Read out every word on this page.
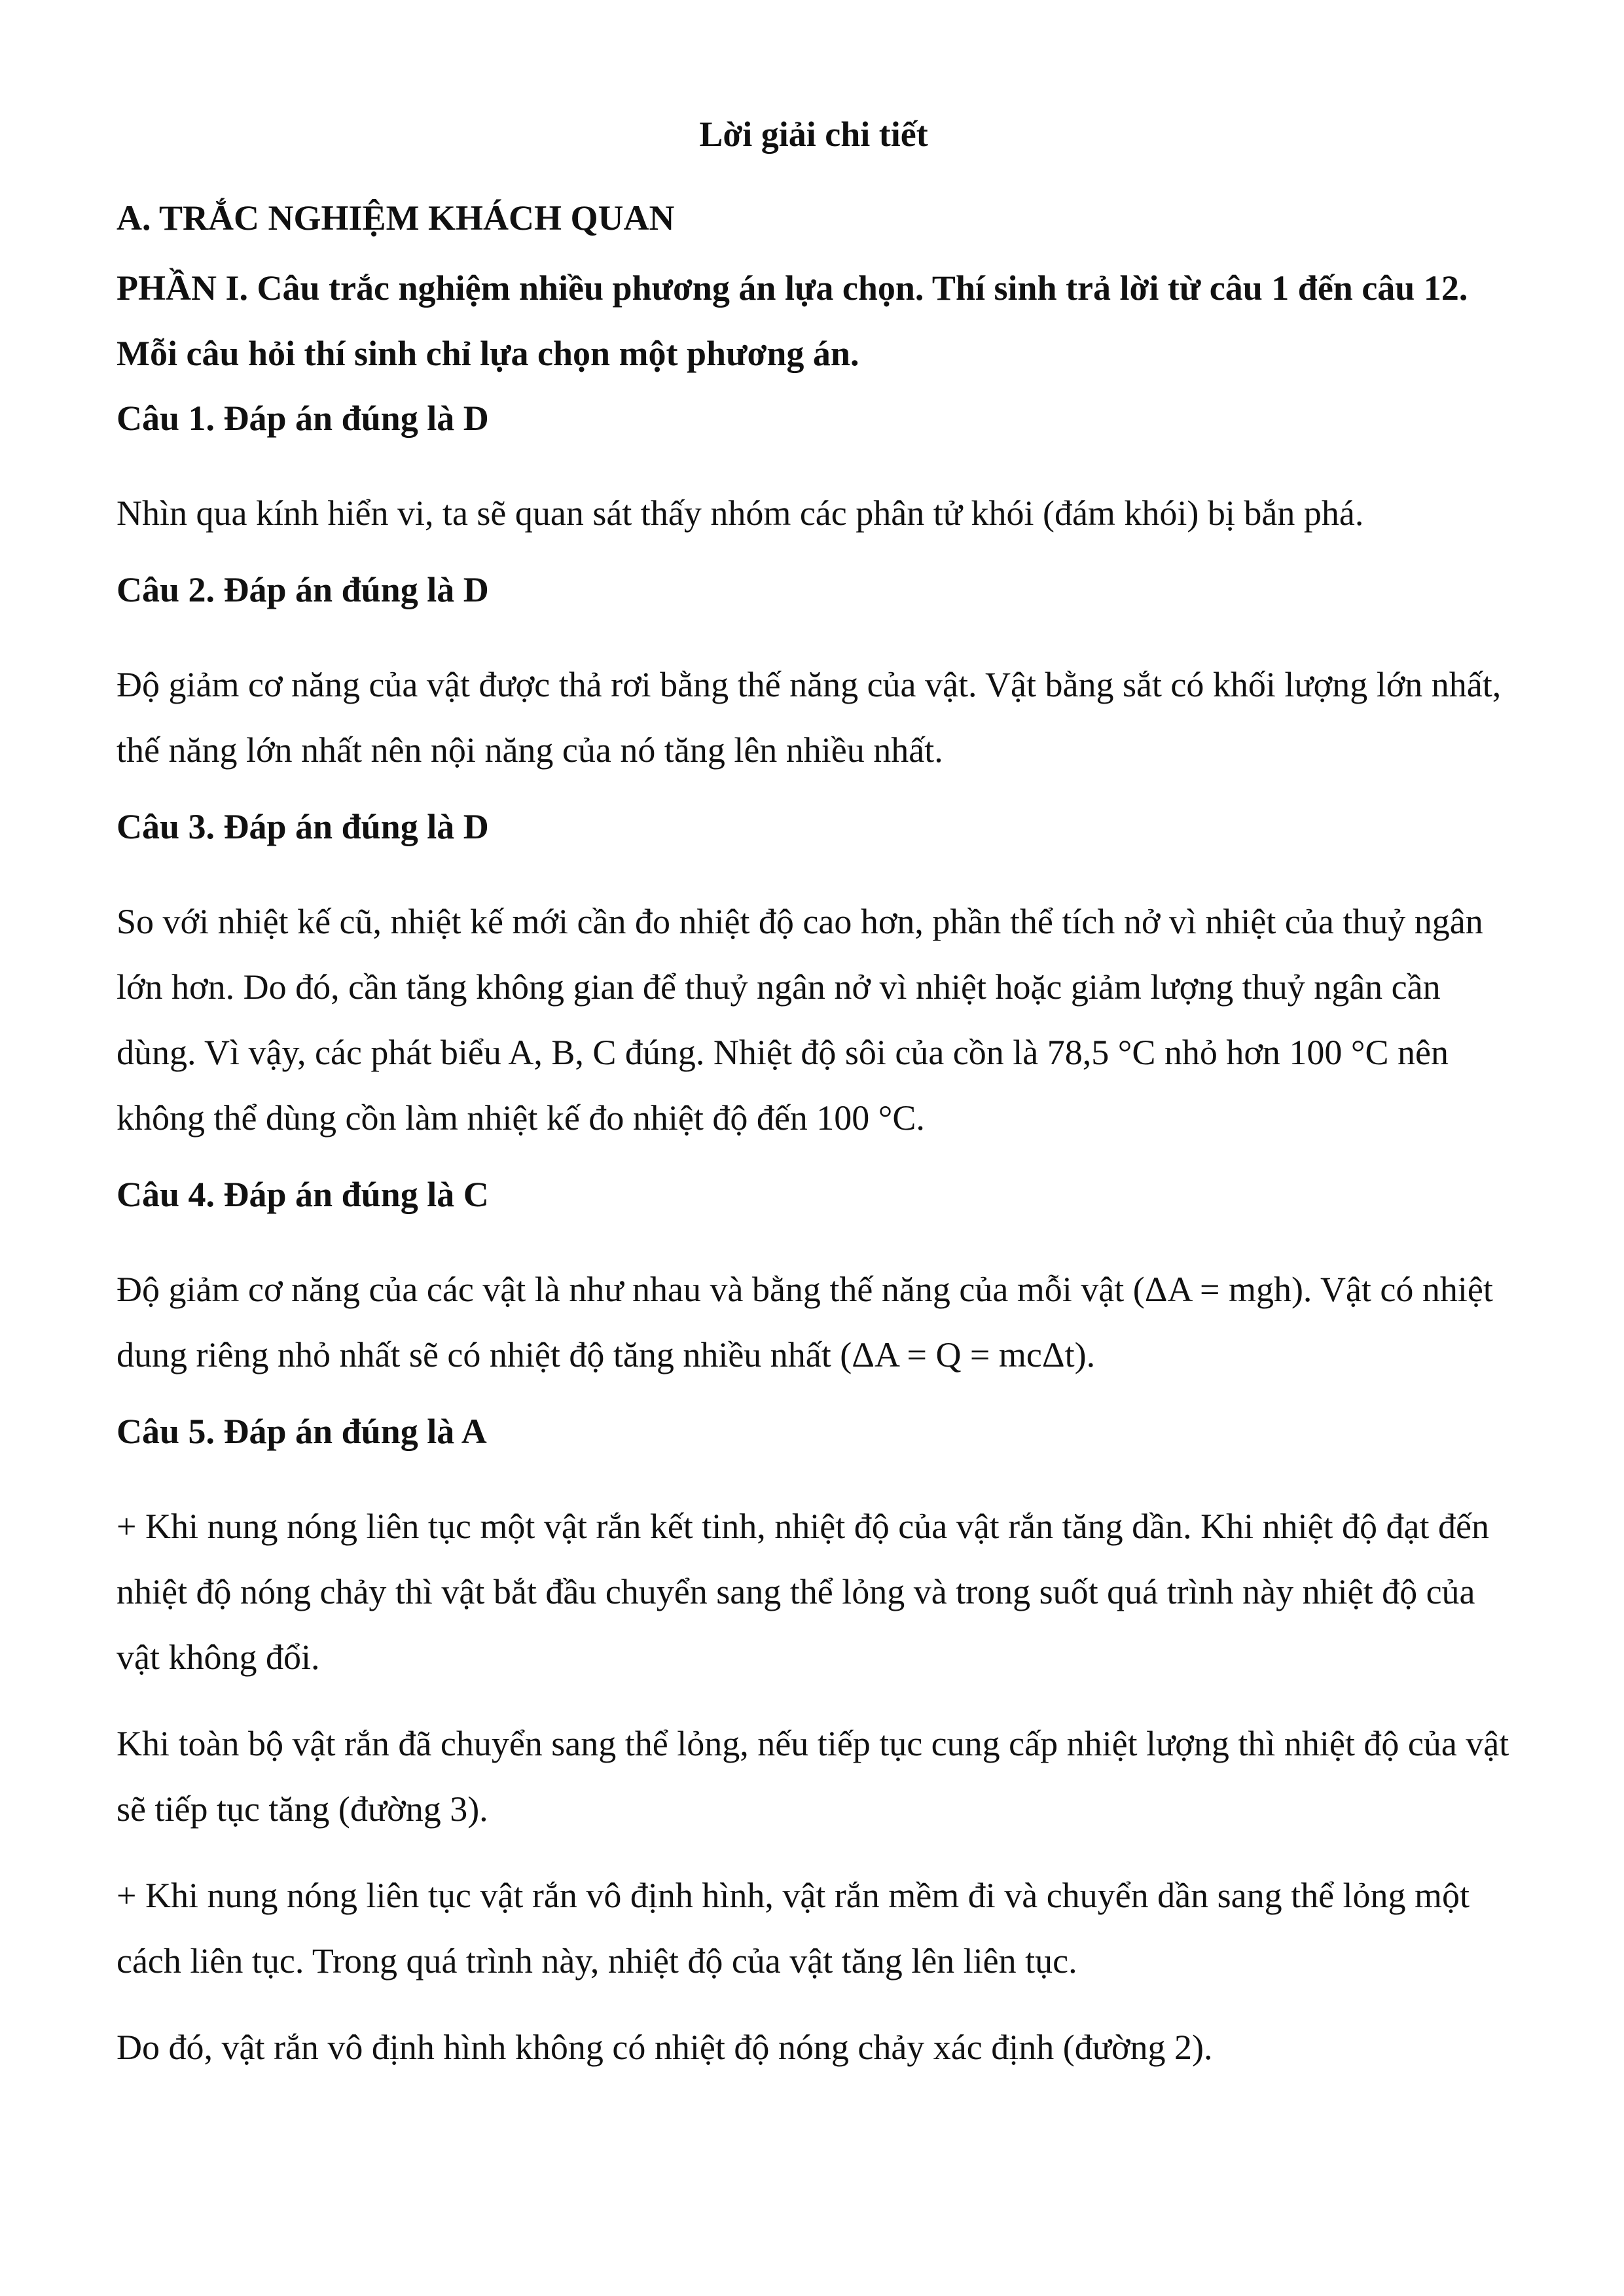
Lời giải chi tiết
A. TRẮC NGHIỆM KHÁCH QUAN
PHẦN I. Câu trắc nghiệm nhiều phương án lựa chọn. Thí sinh trả lời từ câu 1 đến câu 12. Mỗi câu hỏi thí sinh chỉ lựa chọn một phương án.
Câu 1. Đáp án đúng là D
Nhìn qua kính hiển vi, ta sẽ quan sát thấy nhóm các phân tử khói (đám khói) bị bắn phá.
Câu 2. Đáp án đúng là D
Độ giảm cơ năng của vật được thả rơi bằng thế năng của vật. Vật bằng sắt có khối lượng lớn nhất, thế năng lớn nhất nên nội năng của nó tăng lên nhiều nhất.
Câu 3. Đáp án đúng là D
So với nhiệt kế cũ, nhiệt kế mới cần đo nhiệt độ cao hơn, phần thể tích nở vì nhiệt của thuỷ ngân lớn hơn. Do đó, cần tăng không gian để thuỷ ngân nở vì nhiệt hoặc giảm lượng thuỷ ngân cần dùng. Vì vậy, các phát biểu A, B, C đúng. Nhiệt độ sôi của cồn là 78,5 °C nhỏ hơn 100 °C nên không thể dùng cồn làm nhiệt kế đo nhiệt độ đến 100 °C.
Câu 4. Đáp án đúng là C
Độ giảm cơ năng của các vật là như nhau và bằng thế năng của mỗi vật (ΔA = mgh). Vật có nhiệt dung riêng nhỏ nhất sẽ có nhiệt độ tăng nhiều nhất (ΔA = Q = mcΔt).
Câu 5. Đáp án đúng là A
+ Khi nung nóng liên tục một vật rắn kết tinh, nhiệt độ của vật rắn tăng dần. Khi nhiệt độ đạt đến nhiệt độ nóng chảy thì vật bắt đầu chuyển sang thể lỏng và trong suốt quá trình này nhiệt độ của vật không đổi.
Khi toàn bộ vật rắn đã chuyển sang thể lỏng, nếu tiếp tục cung cấp nhiệt lượng thì nhiệt độ của vật sẽ tiếp tục tăng (đường 3).
+ Khi nung nóng liên tục vật rắn vô định hình, vật rắn mềm đi và chuyển dần sang thể lỏng một cách liên tục. Trong quá trình này, nhiệt độ của vật tăng lên liên tục.
Do đó, vật rắn vô định hình không có nhiệt độ nóng chảy xác định (đường 2).
